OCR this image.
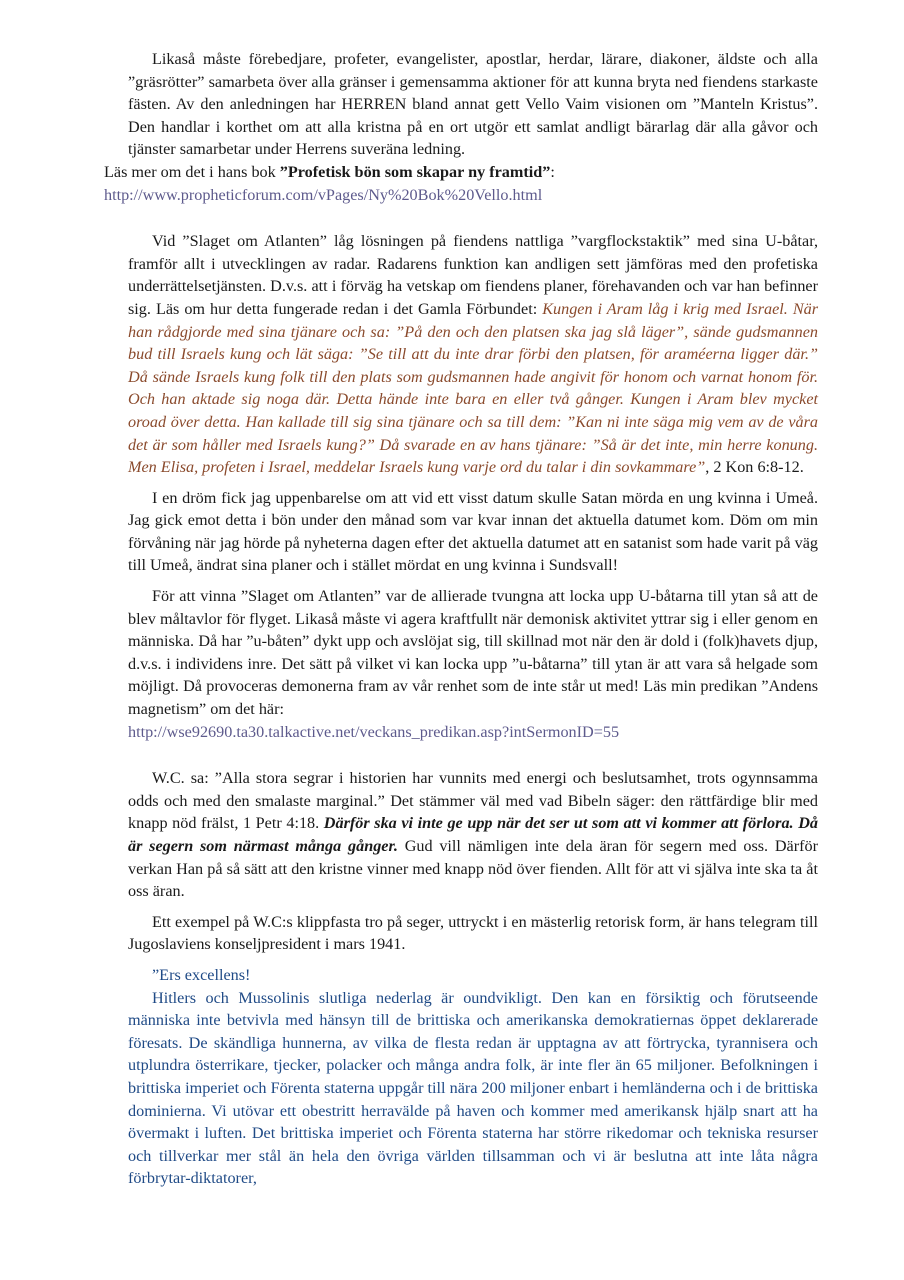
Likaså måste förebedjare, profeter, evangelister, apostlar, herdar, lärare, diakoner, äldste och alla ”gräsrötter” samarbeta över alla gränser i gemensamma aktioner för att kunna bryta ned fiendens starkaste fästen. Av den anledningen har HERREN bland annat gett Vello Vaim visionen om ”Manteln Kristus”. Den handlar i korthet om att alla kristna på en ort utgör ett samlat andligt bärarlag där alla gåvor och tjänster samarbetar under Herrens suveräna ledning.
Läs mer om det i hans bok ”Profetisk bön som skapar ny framtid”:
http://www.propheticforum.com/vPages/Ny%20Bok%20Vello.html

Vid ”Slaget om Atlanten” låg lösningen på fiendens nattliga ”vargflockstaktik” med sina U-båtar, framför allt i utvecklingen av radar. Radarens funktion kan andligen sett jämföras med den profetiska underrättelsetjänsten. D.v.s. att i förväg ha vetskap om fiendens planer, förehavanden och var han befinner sig. Läs om hur detta fungerade redan i det Gamla Förbundet: Kungen i Aram låg i krig med Israel. När han rådgjorde med sina tjänare och sa: ”På den och den platsen ska jag slå läger”, sände gudsmannen bud till Israels kung och lät säga: ”Se till att du inte drar förbi den platsen, för araméerna ligger där.” Då sände Israels kung folk till den plats som gudsmannen hade angivit för honom och varnat honom för. Och han aktade sig noga där. Detta hände inte bara en eller två gånger. Kungen i Aram blev mycket oroad över detta. Han kallade till sig sina tjänare och sa till dem: ”Kan ni inte säga mig vem av de våra det är som håller med Israels kung?” Då svarade en av hans tjänare: ”Så är det inte, min herre konung. Men Elisa, profeten i Israel, meddelar Israels kung varje ord du talar i din sovkammare”, 2 Kon 6:8-12.

I en dröm fick jag uppenbarelse om att vid ett visst datum skulle Satan mörda en ung kvinna i Umeå. Jag gick emot detta i bön under den månad som var kvar innan det aktuella datumet kom. Döm om min förvåning när jag hörde på nyheterna dagen efter det aktuella datumet att en satanist som hade varit på väg till Umeå, ändrat sina planer och i stället mördat en ung kvinna i Sundsvall!

För att vinna ”Slaget om Atlanten” var de allierade tvungna att locka upp U-båtarna till ytan så att de blev måltavlor för flyget. Likaså måste vi agera kraftfullt när demonisk aktivitet yttrar sig i eller genom en människa. Då har ”u-båten” dykt upp och avslöjat sig, till skillnad mot när den är dold i (folk)havets djup, d.v.s. i individens inre. Det sätt på vilket vi kan locka upp ”u-båtarna” till ytan är att vara så helgade som möjligt. Då provoceras demonerna fram av vår renhet som de inte står ut med! Läs min predikan ”Andens magnetism” om det här:
http://wse92690.ta30.talkactive.net/veckans_predikan.asp?intSermonID=55

W.C. sa: ”Alla stora segrar i historien har vunnits med energi och beslutsamhet, trots ogynnsamma odds och med den smalaste marginal.” Det stämmer väl med vad Bibeln säger: den rättfärdige blir med knapp nöd frälst, 1 Petr 4:18. Därför ska vi inte ge upp när det ser ut som att vi kommer att förlora. Då är segern som närmast många gånger. Gud vill nämligen inte dela äran för segern med oss. Därför verkan Han på så sätt att den kristne vinner med knapp nöd över fienden. Allt för att vi själva inte ska ta åt oss äran.

Ett exempel på W.C:s klippfasta tro på seger, uttryckt i en mästerlig retorisk form, är hans telegram till Jugoslaviens konseljpresident i mars 1941.

”Ers excellens!

Hitlers och Mussolinis slutliga nederlag är oundvikligt. Den kan en försiktig och förutseende människa inte betvivla med hänsyn till de brittiska och amerikanska demokratiernas öppet deklarerade föresats. De skändliga hunnerna, av vilka de flesta redan är upptagna av att förtrycka, tyrannisera och utplundra österrikare, tjecker, polacker och många andra folk, är inte fler än 65 miljoner. Befolkningen i brittiska imperiet och Förenta staterna uppgår till nära 200 miljoner enbart i hemländerna och i de brittiska dominierna. Vi utövar ett obestritt herravälde på haven och kommer med amerikansk hjälp snart att ha övermakt i luften. Det brittiska imperiet och Förenta staterna har större rikedomar och tekniska resurser och tillverkar mer stål än hela den övriga världen tillsamman och vi är beslutna att inte låta några förbrytar-diktatorer,
